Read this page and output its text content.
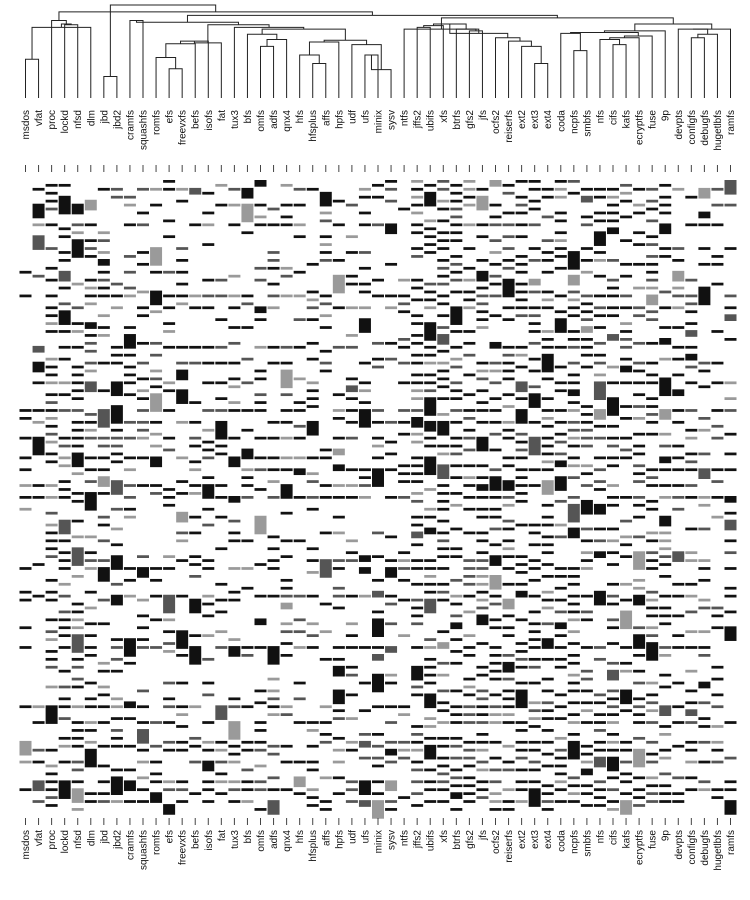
msdos vfat proc lockd nfsd dlm jbd jbd2 cramfs squashfs romfs efs freevxfs befs isofs fat tux3 bfs omfs adfs qnx4 hfs hfsplus affs hpfs udf ufs minix sysv ntfs jffs2 ubifs xfs btrfs gfs2 jfs ocfs2 reiserfs ext2 ext3 ext4 coda ncpfs smbfs nfs cifs kafs ecryptfs fuse 9p devpts configfs debugfs hugetlbfs ramfs
msdos vfat proc lockd nfsd dlm jbd jbd2 cramfs squashfs romfs efs freevxfs befs isofs fat tux3 bfs omfs adfs qnx4 hfs hfsplus affs hpfs udf ufs minix sysv ntfs jffs2 ubifs xfs btrfs gfs2 jfs ocfs2 reiserfs ext2 ext3 ext4 coda ncpfs smbfs nfs cifs kafs ecryptfs fuse 9p devpts configfs debugfs hugetlbfs ramfs
